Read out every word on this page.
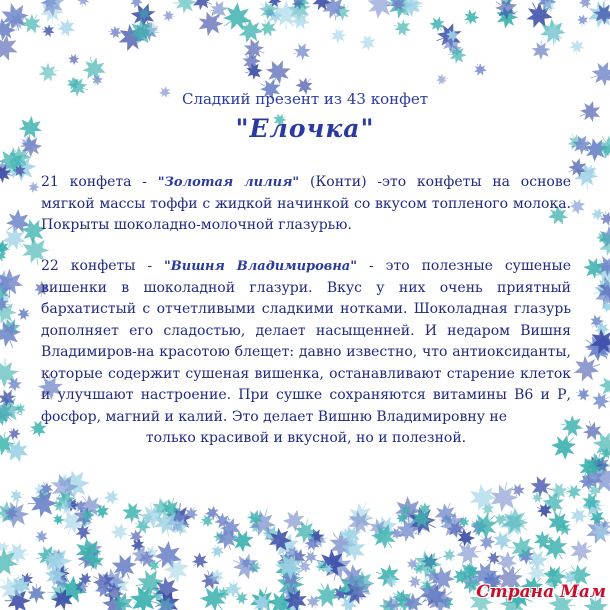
Сладкий презент из 43 конфет
"Елочка"
21 конфета - "Золотая лилия" (Конти) -это конфеты на основе мягкой массы тоффи с жидкой начинкой со вкусом топленого молока. Покрыты шоколадно-молочной глазурью.
22 конфеты - "Вишня Владимировна" - это полезные сушеные вишенки в шоколадной глазури. Вкус у них очень приятный бархатистый с отчетливыми сладкими нотками. Шоколадная глазурь дополняет его сладостью, делает насыщенней. И недаром Вишня Владимиров-на красотою блещет: давно известно, что антиоксиданты, которые содержит сушеная вишенка, останавливают старение клеток и улучшают настроение. При сушке сохраняются витамины В6 и Р, фосфор, магний и калий. Это делает Вишню Владимировну не
только красивой и вкусной, но и полезной.
Страна Мам
